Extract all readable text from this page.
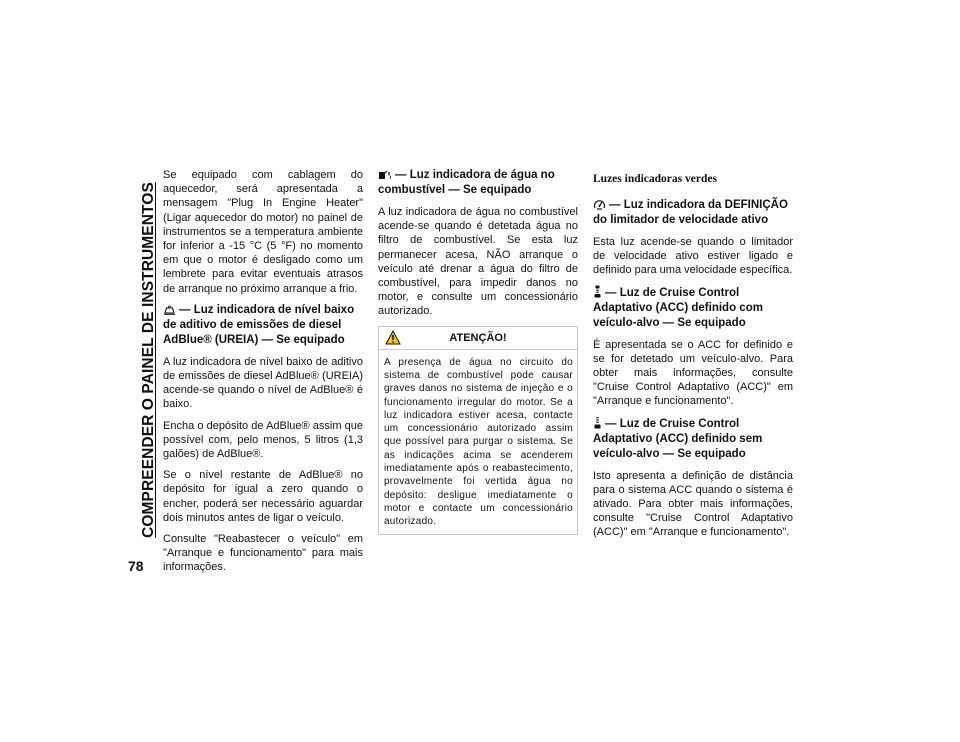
COMPREENDER O PAINEL DE INSTRUMENTOS
78

Se equipado com cablagem do aquecedor, será apresentada a mensagem "Plug In Engine Heater" (Ligar aquecedor do motor) no painel de instrumentos se a temperatura ambiente for inferior a -15 °C (5 °F) no momento em que o motor é desligado como um lembrete para evitar eventuais atrasos de arranque no próximo arranque a frio.

— Luz indicadora de nível baixo de aditivo de emissões de diesel AdBlue® (UREIA) — Se equipado

A luz indicadora de nível baixo de aditivo de emissões de diesel AdBlue® (UREIA) acende-se quando o nível de AdBlue® é baixo.

Encha o depósito de AdBlue® assim que possível com, pelo menos, 5 litros (1,3 galões) de AdBlue®.

Se o nível restante de AdBlue® no depósito for igual a zero quando o encher, poderá ser necessário aguardar dois minutos antes de ligar o veículo.

Consulte "Reabastecer o veículo" em "Arranque e funcionamento" para mais informações.

— Luz indicadora de água no combustível — Se equipado

A luz indicadora de água no combustível acende-se quando é detetada água no filtro de combustível. Se esta luz permanecer acesa, NÃO arranque o veículo até drenar a água do filtro de combustível, para impedir danos no motor, e consulte um concessionário autorizado.

ATENÇÃO!
A presença de água no circuito do sistema de combustível pode causar graves danos no sistema de injeção e o funcionamento irregular do motor. Se a luz indicadora estiver acesa, contacte um concessionário autorizado assim que possível para purgar o sistema. Se as indicações acima se acenderem imediatamente após o reabastecimento, provavelmente foi vertida água no depósito: desligue imediatamente o motor e contacte um concessionário autorizado.
Luzes indicadoras verdes
— Luz indicadora da DEFINIÇÃO do limitador de velocidade ativo

Esta luz acende-se quando o limitador de velocidade ativo estiver ligado e definido para uma velocidade específica.

— Luz de Cruise Control Adaptativo (ACC) definido com veículo-alvo — Se equipado

É apresentada se o ACC for definido e se for detetado um veículo-alvo. Para obter mais informações, consulte "Cruise Control Adaptativo (ACC)" em "Arranque e funcionamento".

— Luz de Cruise Control Adaptativo (ACC) definido sem veículo-alvo — Se equipado

Isto apresenta a definição de distância para o sistema ACC quando o sistema é ativado. Para obter mais informações, consulte "Cruise Control Adaptativo (ACC)" em "Arranque e funcionamento".
